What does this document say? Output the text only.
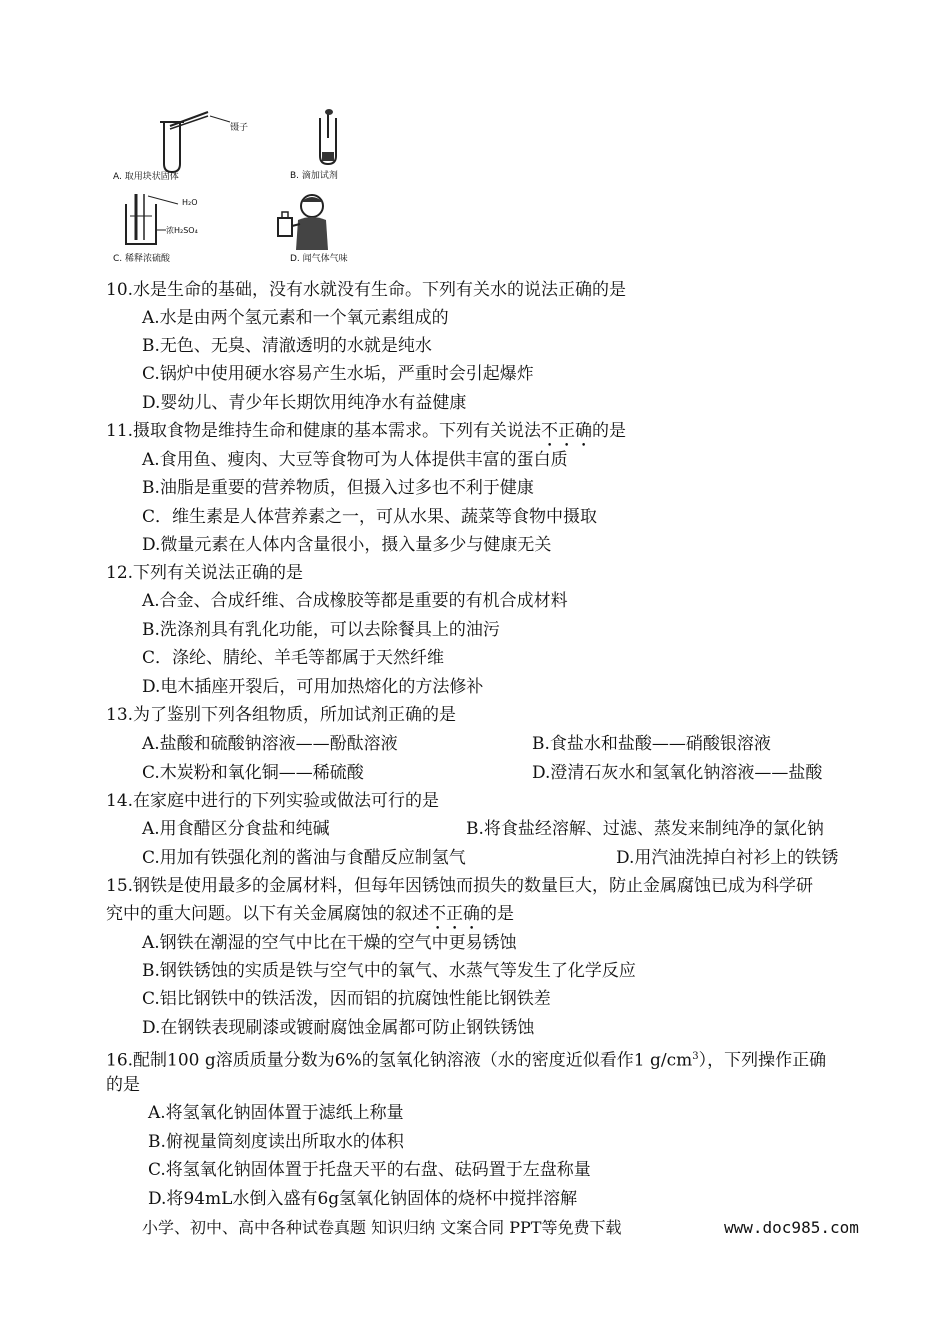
镊子
A. 取用块状固体	B. 滴加试剂
H₂O
浓H₂SO₄
C. 稀释浓硫酸	D. 闻气体气味
10.水是生命的基础，没有水就没有生命。下列有关水的说法正确的是
A.水是由两个氢元素和一个氧元素组成的
B.无色、无臭、清澈透明的水就是纯水
C.锅炉中使用硬水容易产生水垢，严重时会引起爆炸
D.婴幼儿、青少年长期饮用纯净水有益健康
11.摄取食物是维持生命和健康的基本需求。下列有关说法不正确的是
A.食用鱼、瘦肉、大豆等食物可为人体提供丰富的蛋白质
B.油脂是重要的营养物质，但摄入过多也不利于健康
C．维生素是人体营养素之一，可从水果、蔬菜等食物中摄取
D.微量元素在人体内含量很小，摄入量多少与健康无关
12.下列有关说法正确的是
A.合金、合成纤维、合成橡胶等都是重要的有机合成材料
B.洗涤剂具有乳化功能，可以去除餐具上的油污
C．涤纶、腈纶、羊毛等都属于天然纤维
D.电木插座开裂后，可用加热熔化的方法修补
13.为了鉴别下列各组物质，所加试剂正确的是
A.盐酸和硫酸钠溶液——酚酞溶液	B.食盐水和盐酸——硝酸银溶液
C.木炭粉和氧化铜——稀硫酸	D.澄清石灰水和氢氧化钠溶液——盐酸
14.在家庭中进行的下列实验或做法可行的是
A.用食醋区分食盐和纯碱	B.将食盐经溶解、过滤、蒸发来制纯净的氯化钠
C.用加有铁强化剂的酱油与食醋反应制氢气	D.用汽油洗掉白衬衫上的铁锈
15.钢铁是使用最多的金属材料，但每年因锈蚀而损失的数量巨大，防止金属腐蚀已成为科学研
究中的重大问题。以下有关金属腐蚀的叙述不正确的是
A.钢铁在潮湿的空气中比在干燥的空气中更易锈蚀
B.钢铁锈蚀的实质是铁与空气中的氧气、水蒸气等发生了化学反应
C.铝比钢铁中的铁活泼，因而铝的抗腐蚀性能比钢铁差
D.在钢铁表现刷漆或镀耐腐蚀金属都可防止钢铁锈蚀
16.配制100 g溶质质量分数为6%的氢氧化钠溶液（水的密度近似看作1 $g/cm^3$），下列操作正确
的是
A.将氢氧化钠固体置于滤纸上称量
B.俯视量筒刻度读出所取水的体积
C.将氢氧化钠固体置于托盘天平的右盘、砝码置于左盘称量
D.将94mL水倒入盛有6g氢氧化钠固体的烧杯中搅拌溶解
小学、初中、高中各种试卷真题 知识归纳 文案合同 PPT等免费下载	www.doc985.com
